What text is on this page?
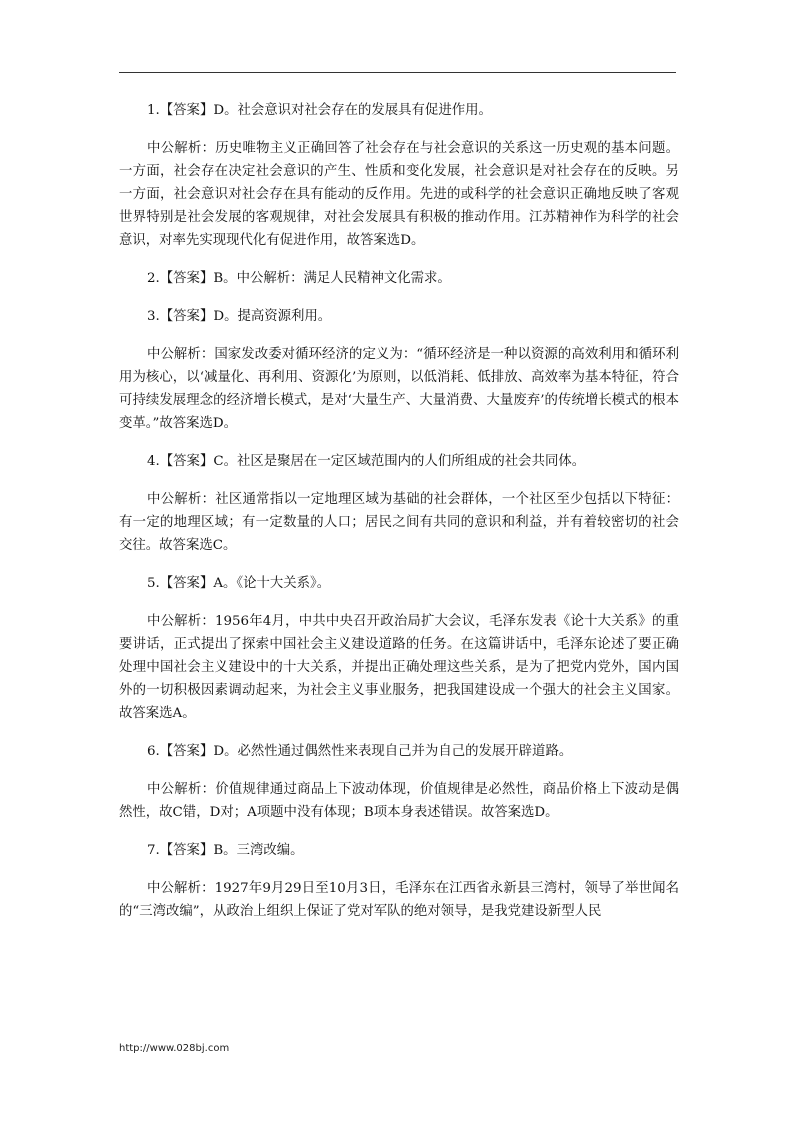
1.【答案】D。社会意识对社会存在的发展具有促进作用。

中公解析：历史唯物主义正确回答了社会存在与社会意识的关系这一历史观的基本问题。一方面，社会存在决定社会意识的产生、性质和变化发展，社会意识是对社会存在的反映。另一方面，社会意识对社会存在具有能动的反作用。先进的或科学的社会意识正确地反映了客观世界特别是社会发展的客观规律，对社会发展具有积极的推动作用。江苏精神作为科学的社会意识，对率先实现现代化有促进作用，故答案选D。

2.【答案】B。中公解析：满足人民精神文化需求。

3.【答案】D。提高资源利用。

中公解析：国家发改委对循环经济的定义为：“循环经济是一种以资源的高效利用和循环利用为核心，以‘减量化、再利用、资源化’为原则，以低消耗、低排放、高效率为基本特征，符合可持续发展理念的经济增长模式，是对‘大量生产、大量消费、大量废弃’的传统增长模式的根本变革。”故答案选D。

4.【答案】C。社区是聚居在一定区域范围内的人们所组成的社会共同体。

中公解析：社区通常指以一定地理区域为基础的社会群体，一个社区至少包括以下特征：有一定的地理区域；有一定数量的人口；居民之间有共同的意识和利益，并有着较密切的社会交往。故答案选C。

5.【答案】A。《论十大关系》。

中公解析：1956年4月，中共中央召开政治局扩大会议，毛泽东发表《论十大关系》的重要讲话，正式提出了探索中国社会主义建设道路的任务。在这篇讲话中，毛泽东论述了要正确处理中国社会主义建设中的十大关系，并提出正确处理这些关系，是为了把党内党外，国内国外的一切积极因素调动起来，为社会主义事业服务，把我国建设成一个强大的社会主义国家。故答案选A。

6.【答案】D。必然性通过偶然性来表现自己并为自己的发展开辟道路。

中公解析：价值规律通过商品上下波动体现，价值规律是必然性，商品价格上下波动是偶然性，故C错，D对；A项题中没有体现；B项本身表述错误。故答案选D。

7.【答案】B。三湾改编。

中公解析：1927年9月29日至10月3日，毛泽东在江西省永新县三湾村，领导了举世闻名的“三湾改编”，从政治上组织上保证了党对军队的绝对领导，是我党建设新型人民

http://www.028bj.com
